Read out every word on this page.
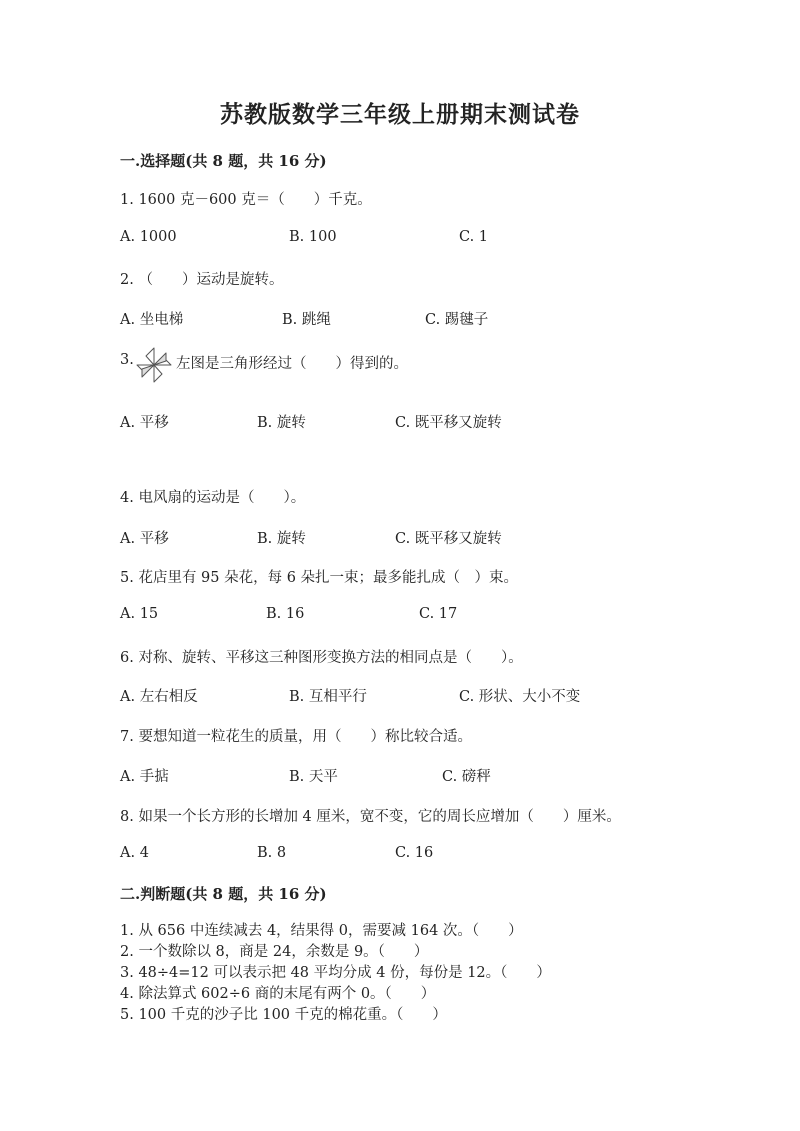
苏教版数学三年级上册期末测试卷
一.选择题(共 8 题，共 16 分)
1. 1600 克－600 克＝（　　）千克。
A. 1000	B. 100	C. 1
2. （　　）运动是旋转。
A. 坐电梯	B. 跳绳	C. 踢毽子
3.	左图是三角形经过（　　）得到的。
A. 平移	B. 旋转	C. 既平移又旋转
4. 电风扇的运动是（　　）。
A. 平移	B. 旋转	C. 既平移又旋转
5. 花店里有 95 朵花，每 6 朵扎一束；最多能扎成（　）束。
A. 15	B. 16	C. 17
6. 对称、旋转、平移这三种图形变换方法的相同点是（　　）。
A. 左右相反	B. 互相平行	C. 形状、大小不变
7. 要想知道一粒花生的质量，用（　　）称比较合适。
A. 手掂	B. 天平	C. 磅秤
8. 如果一个长方形的长增加 4 厘米，宽不变，它的周长应增加（　　）厘米。
A. 4	B. 8	C. 16
二.判断题(共 8 题，共 16 分)
1. 从 656 中连续减去 4，结果得 0，需要减 164 次。（　　）
2. 一个数除以 8，商是 24，余数是 9。（　　）
3. 48÷4=12 可以表示把 48 平均分成 4 份，每份是 12。（　　）
4. 除法算式 602÷6 商的末尾有两个 0。（　　）
5. 100 千克的沙子比 100 千克的棉花重。（　　）
